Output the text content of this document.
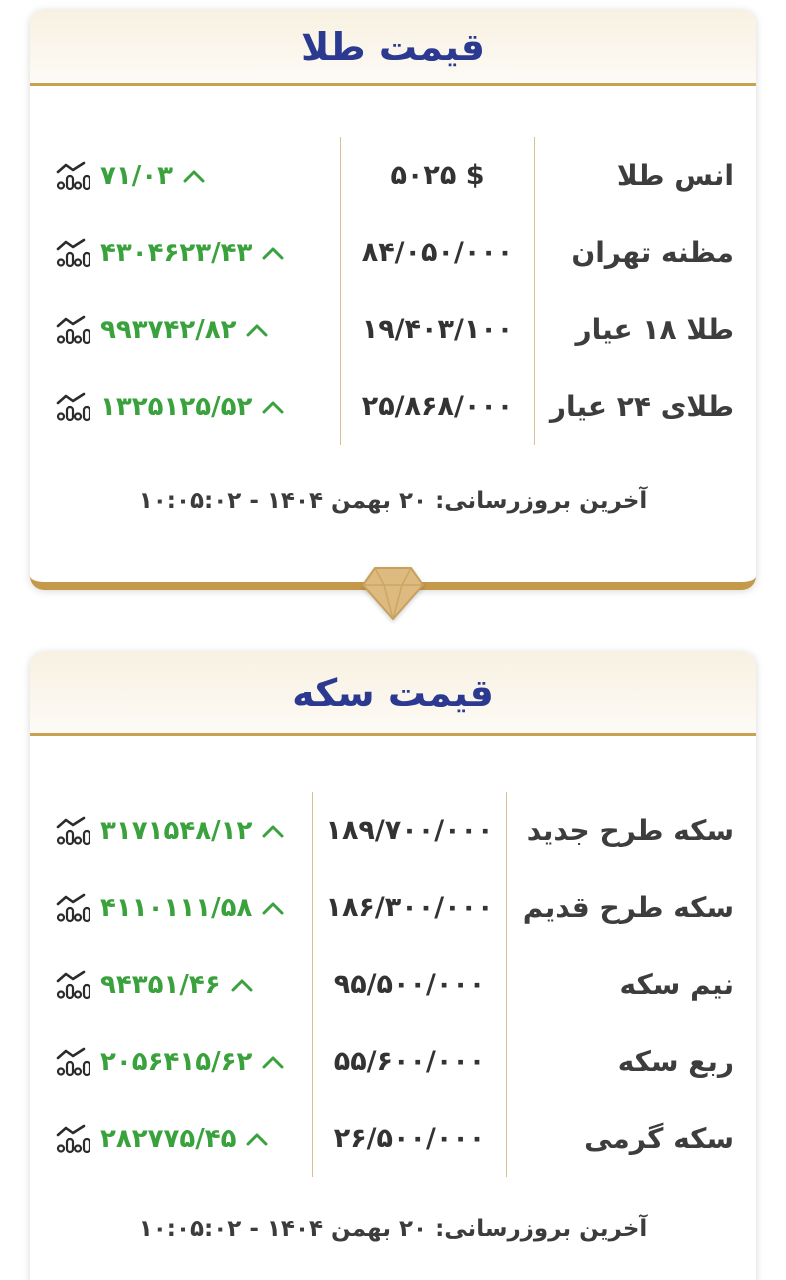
قیمت طلا
انس طلا
۵۰۲۵ $
۷۱/۰۳
مظنه تهران
۸۴/۰۵۰/۰۰۰
۴۳۰۴۶۲۳/۴۳
طلا ۱۸ عیار
۱۹/۴۰۳/۱۰۰
۹۹۳۷۴۲/۸۲
طلای ۲۴ عیار
۲۵/۸۶۸/۰۰۰
۱۳۲۵۱۲۵/۵۲
آخرین بروزرسانی: ۲۰ بهمن ۱۴۰۴ - ۱۰:۰۵:۰۲
قیمت سکه
سکه طرح جدید
۱۸۹/۷۰۰/۰۰۰
۳۱۷۱۵۴۸/۱۲
سکه طرح قدیم
۱۸۶/۳۰۰/۰۰۰
۴۱۱۰۱۱۱/۵۸
نیم سکه
۹۵/۵۰۰/۰۰۰
۹۴۳۵۱/۴۶
ربع سکه
۵۵/۶۰۰/۰۰۰
۲۰۵۶۴۱۵/۶۲
سکه گرمی
۲۶/۵۰۰/۰۰۰
۲۸۲۷۷۵/۴۵
آخرین بروزرسانی: ۲۰ بهمن ۱۴۰۴ - ۱۰:۰۵:۰۲
